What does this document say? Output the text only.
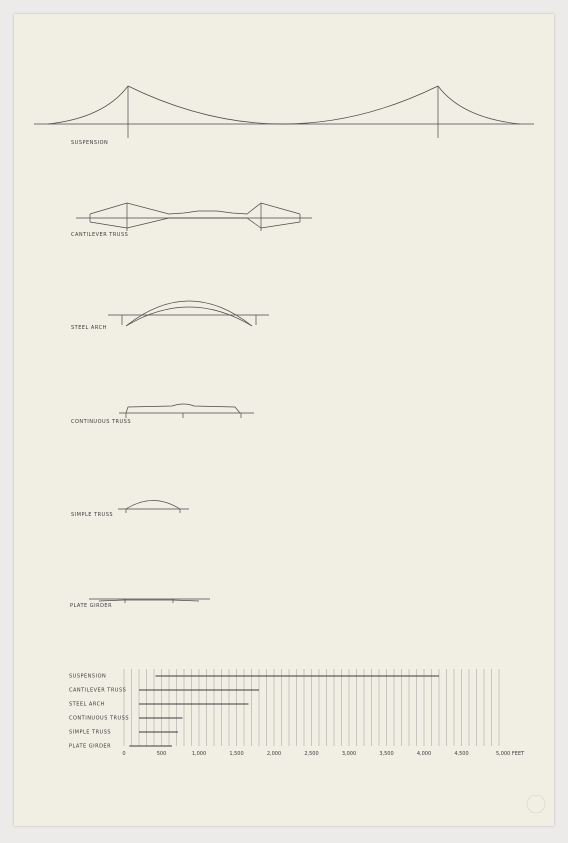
SUSPENSION
CANTILEVER TRUSS
STEEL ARCH
CONTINUOUS TRUSS
SIMPLE TRUSS
PLATE GIRDER
SUSPENSION
CANTILEVER TRUSS
STEEL ARCH
CONTINUOUS TRUSS
SIMPLE TRUSS
PLATE GIRDER
0	500	1,000	1,500	2,000	2,500	3,000	3,500	4,000	4,500	5,000 FEET
